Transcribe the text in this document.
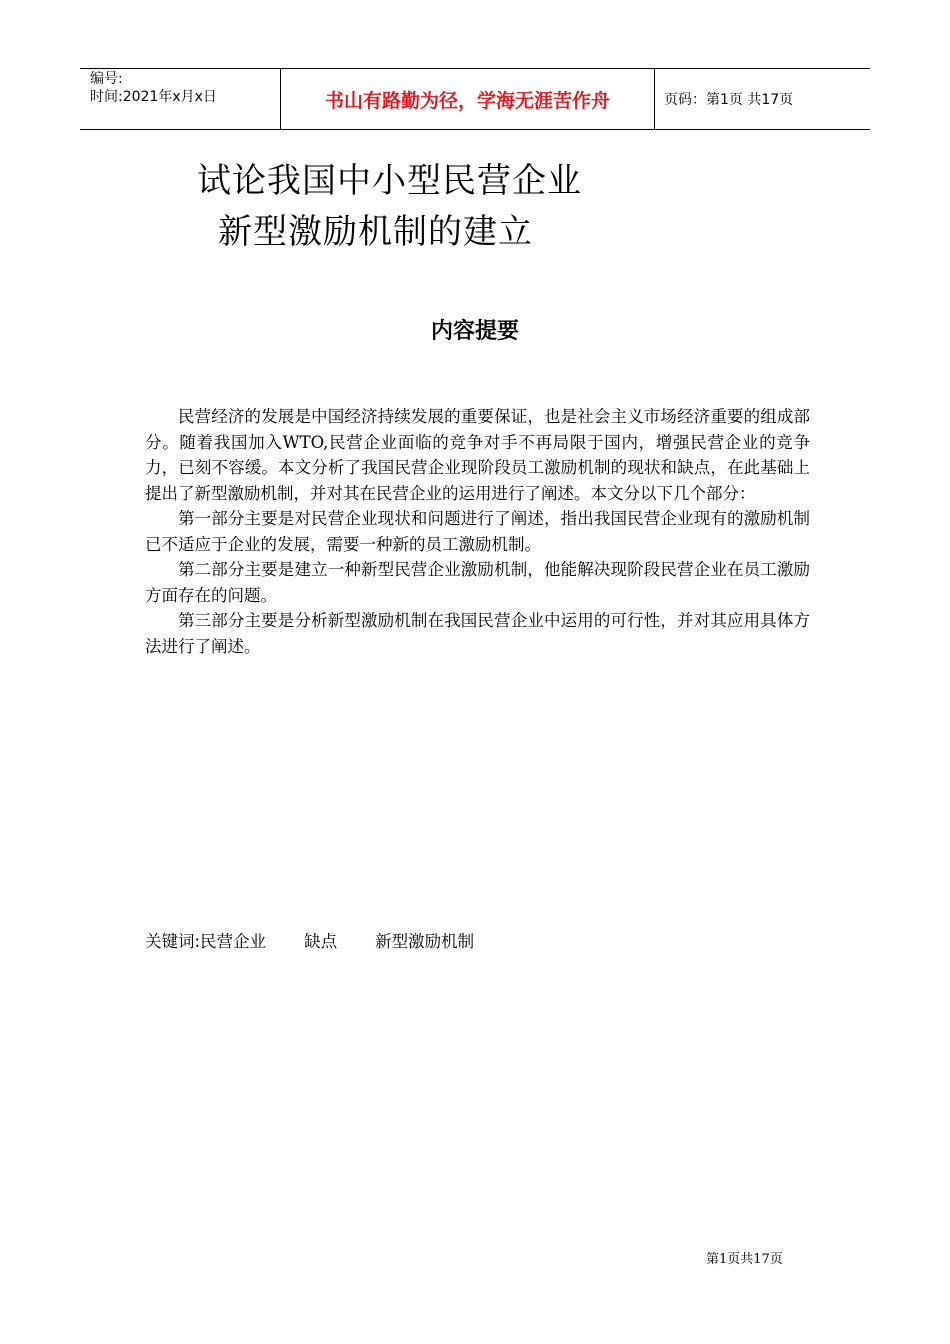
编号:
时间:2021年x月x日	书山有路勤为径，学海无涯苦作舟	页码：第1页 共17页
试论我国中小型民营企业
新型激励机制的建立
内容提要

民营经济的发展是中国经济持续发展的重要保证，也是社会主义市场经济重要的组成部分。随着我国加入WTO,民营企业面临的竞争对手不再局限于国内，增强民营企业的竞争力，已刻不容缓。本文分析了我国民营企业现阶段员工激励机制的现状和缺点，在此基础上提出了新型激励机制，并对其在民营企业的运用进行了阐述。本文分以下几个部分：

第一部分主要是对民营企业现状和问题进行了阐述，指出我国民营企业现有的激励机制已不适应于企业的发展，需要一种新的员工激励机制。

第二部分主要是建立一种新型民营企业激励机制，他能解决现阶段民营企业在员工激励方面存在的问题。

第三部分主要是分析新型激励机制在我国民营企业中运用的可行性，并对其应用具体方法进行了阐述。

关键词:民营企业 缺点 新型激励机制
第1页共17页
